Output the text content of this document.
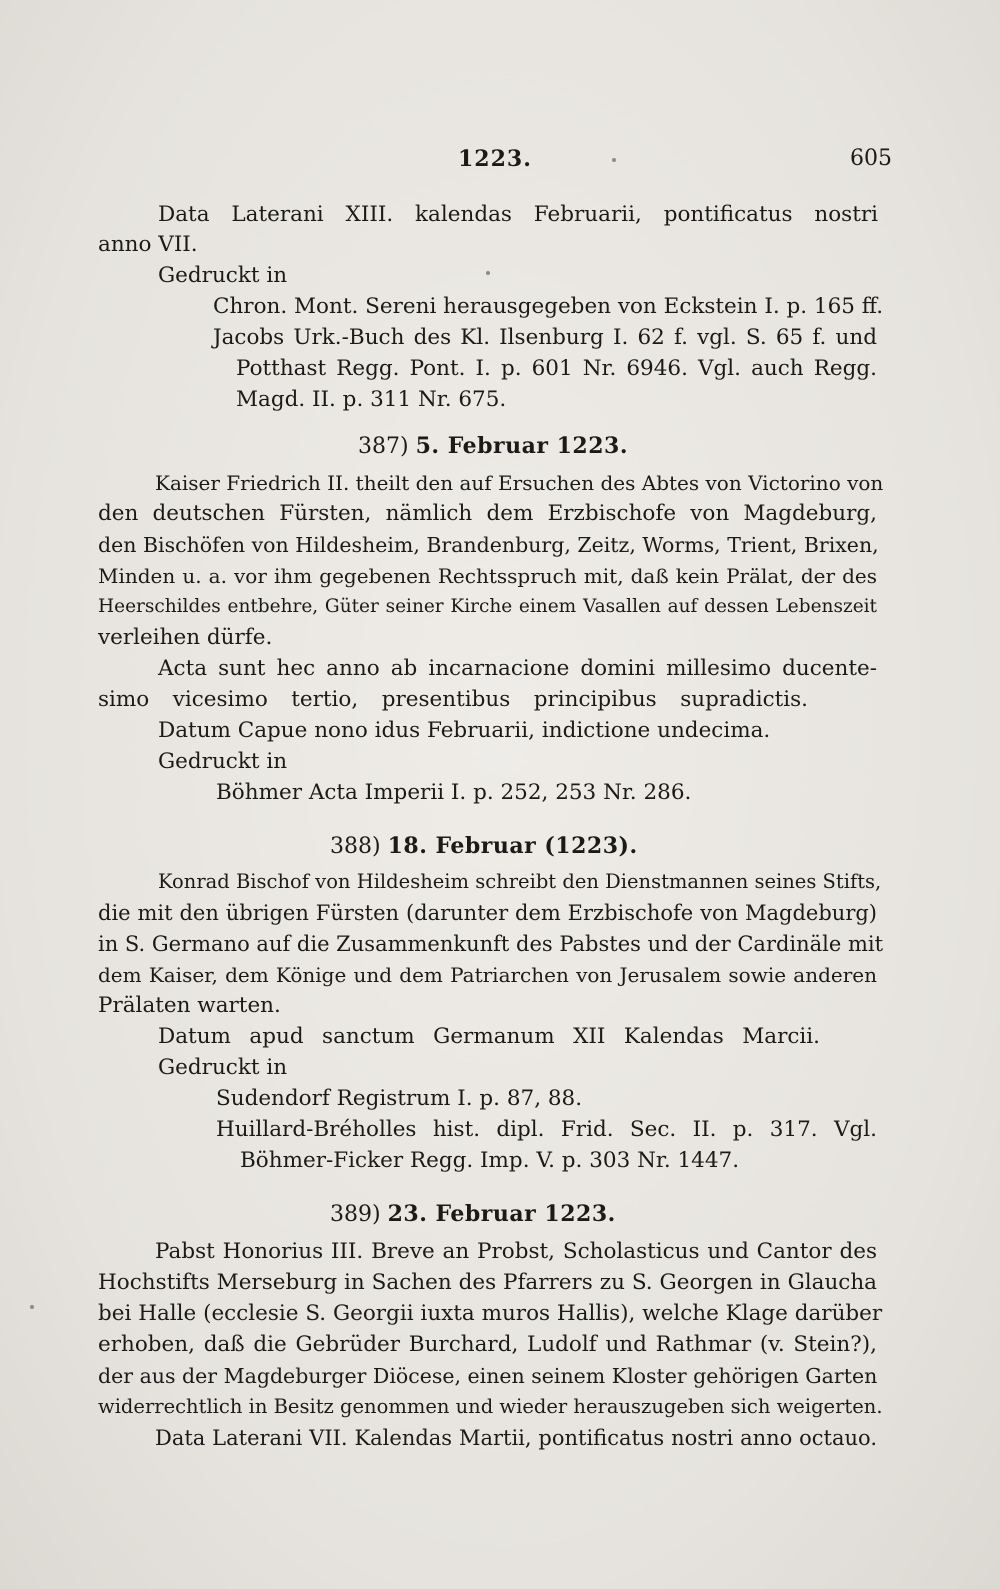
1223.	605
Data Laterani XIII. kalendas Februarii, pontificatus nostri
anno VII.
Gedruckt in
Chron. Mont. Sereni herausgegeben von Eckstein I. p. 165 ff.
Jacobs Urk.-Buch des Kl. Ilsenburg I. 62 f. vgl. S. 65 f. und
Potthast Regg. Pont. I. p. 601 Nr. 6946. Vgl. auch Regg.
Magd. II. p. 311 Nr. 675.
387) 5. Februar 1223.
Kaiser Friedrich II. theilt den auf Ersuchen des Abtes von Victorino von
den deutschen Fürsten, nämlich dem Erzbischofe von Magdeburg,
den Bischöfen von Hildesheim, Brandenburg, Zeitz, Worms, Trient, Brixen,
Minden u. a. vor ihm gegebenen Rechtsspruch mit, daß kein Prälat, der des
Heerschildes entbehre, Güter seiner Kirche einem Vasallen auf dessen Lebenszeit
verleihen dürfe.
Acta sunt hec anno ab incarnacione domini millesimo ducente-
simo vicesimo tertio, presentibus principibus supradictis.
Datum Capue nono idus Februarii, indictione undecima.
Gedruckt in
Böhmer Acta Imperii I. p. 252, 253 Nr. 286.
388) 18. Februar (1223).
Konrad Bischof von Hildesheim schreibt den Dienstmannen seines Stifts,
die mit den übrigen Fürsten (darunter dem Erzbischofe von Magdeburg)
in S. Germano auf die Zusammenkunft des Pabstes und der Cardinäle mit
dem Kaiser, dem Könige und dem Patriarchen von Jerusalem sowie anderen
Prälaten warten.
Datum apud sanctum Germanum XII Kalendas Marcii.
Gedruckt in
Sudendorf Registrum I. p. 87, 88.
Huillard-Bréholles hist. dipl. Frid. Sec. II. p. 317. Vgl.
Böhmer-Ficker Regg. Imp. V. p. 303 Nr. 1447.
389) 23. Februar 1223.
Pabst Honorius III. Breve an Probst, Scholasticus und Cantor des
Hochstifts Merseburg in Sachen des Pfarrers zu S. Georgen in Glaucha
bei Halle (ecclesie S. Georgii iuxta muros Hallis), welche Klage darüber
erhoben, daß die Gebrüder Burchard, Ludolf und Rathmar (v. Stein?),
der aus der Magdeburger Diöcese, einen seinem Kloster gehörigen Garten
widerrechtlich in Besitz genommen und wieder herauszugeben sich weigerten.
Data Laterani VII. Kalendas Martii, pontificatus nostri anno octauo.
